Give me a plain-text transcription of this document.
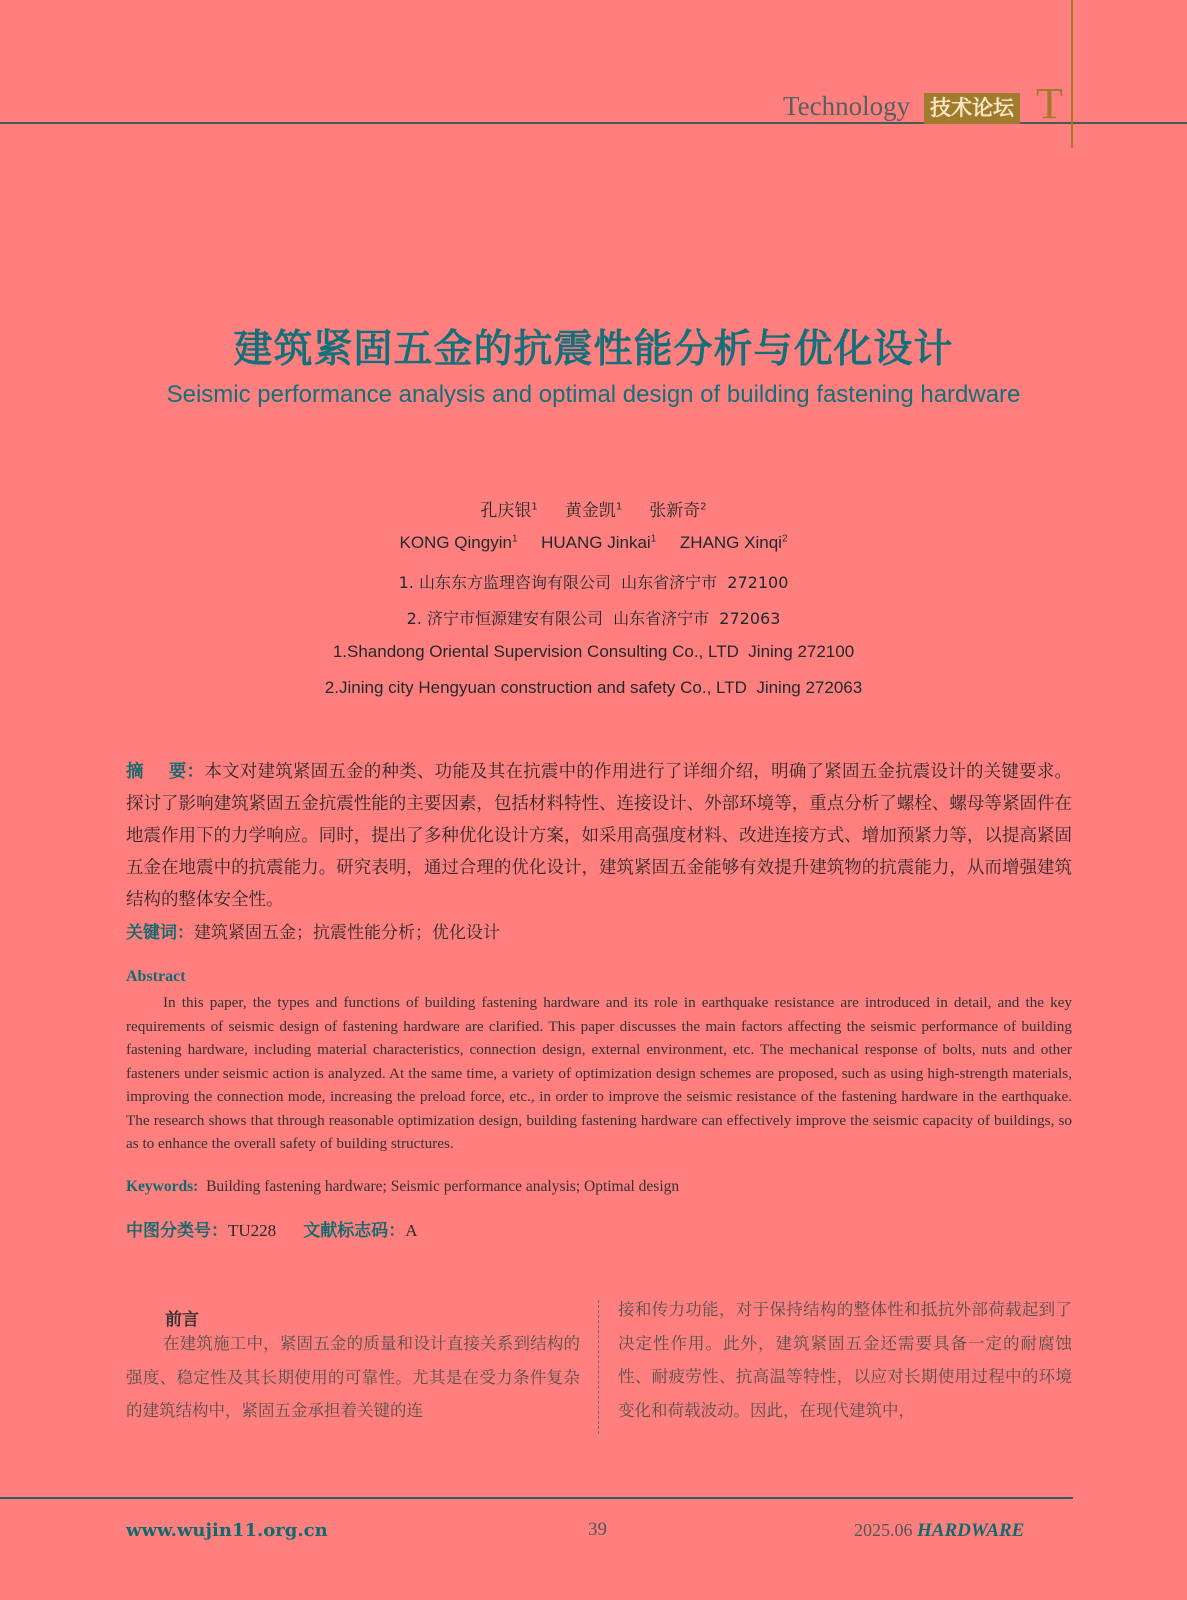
Technology 技术论坛 T
建筑紧固五金的抗震性能分析与优化设计
Seismic performance analysis and optimal design of building fastening hardware
孔庆银$^1$ 黄金凯$^1$ 张新奇$^2$
KONG Qingyin$^1$ HUANG Jinkai$^1$ ZHANG Xinqi$^2$
1. 山东东方监理咨询有限公司  山东省济宁市  272100
2. 济宁市恒源建安有限公司  山东省济宁市  272063
1.Shandong Oriental Supervision Consulting Co., LTD  Jining 272100
2.Jining city Hengyuan construction and safety Co., LTD  Jining 272063
摘    要：本文对建筑紧固五金的种类、功能及其在抗震中的作用进行了详细介绍，明确了紧固五金抗震设计的关键要求。探讨了影响建筑紧固五金抗震性能的主要因素，包括材料特性、连接设计、外部环境等，重点分析了螺栓、螺母等紧固件在地震作用下的力学响应。同时，提出了多种优化设计方案，如采用高强度材料、改进连接方式、增加预紧力等，以提高紧固五金在地震中的抗震能力。研究表明，通过合理的优化设计，建筑紧固五金能够有效提升建筑物的抗震能力，从而增强建筑结构的整体安全性。
关键词：建筑紧固五金；抗震性能分析；优化设计
Abstract
In this paper, the types and functions of building fastening hardware and its role in earthquake resistance are introduced in detail, and the key requirements of seismic design of fastening hardware are clarified. This paper discusses the main factors affecting the seismic performance of building fastening hardware, including material characteristics, connection design, external environment, etc. The mechanical response of bolts, nuts and other fasteners under seismic action is analyzed. At the same time, a variety of optimization design schemes are proposed, such as using high-strength materials, improving the connection mode, increasing the preload force, etc., in order to improve the seismic resistance of the fastening hardware in the earthquake. The research shows that through reasonable optimization design, building fastening hardware can effectively improve the seismic capacity of buildings, so as to enhance the overall safety of building structures.
Keywords: Building fastening hardware; Seismic performance analysis; Optimal design
中图分类号：TU228 文献标志码：A
前言
在建筑施工中，紧固五金的质量和设计直接关系到结构的强度、稳定性及其长期使用的可靠性。尤其是在受力条件复杂的建筑结构中，紧固五金承担着关键的连
接和传力功能，对于保持结构的整体性和抵抗外部荷载起到了决定性作用。此外，建筑紧固五金还需要具备一定的耐腐蚀性、耐疲劳性、抗高温等特性，以应对长期使用过程中的环境变化和荷载波动。因此，在现代建筑中，
www.wujin11.org.cn	39	2025.06 HARDWARE
